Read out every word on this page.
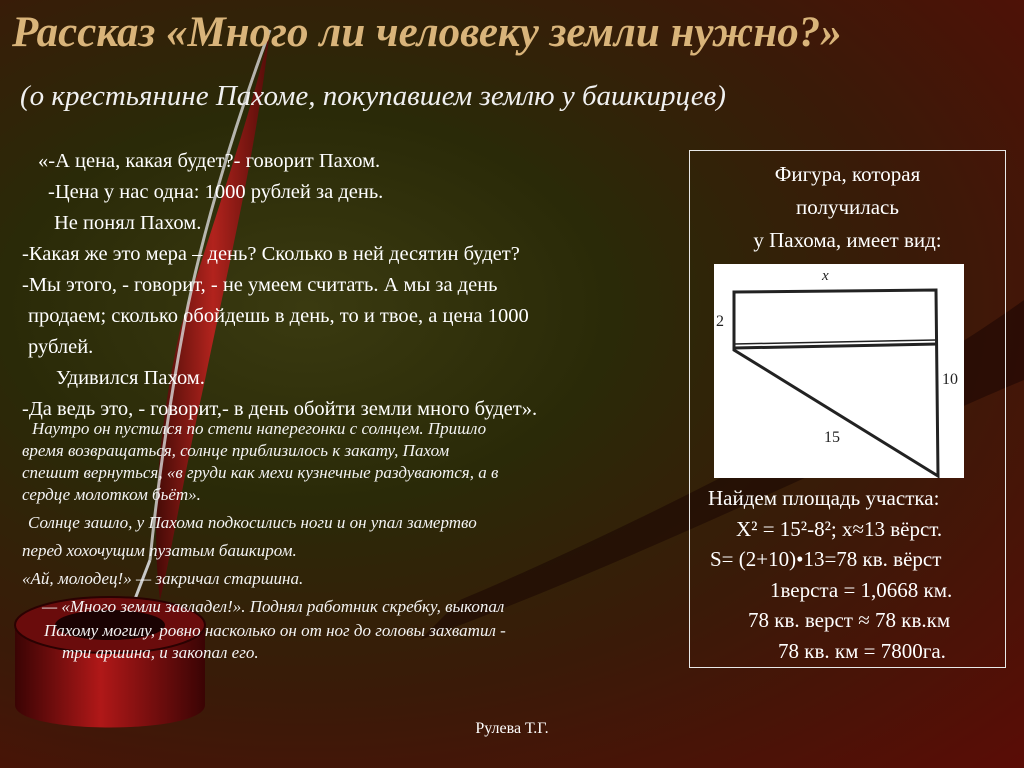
Рассказ «Много ли человеку земли нужно?»
(о крестьянине Пахоме, покупавшем землю у башкирцев)
«-А цена, какая будет?- говорит Пахом.
-Цена у нас одна: 1000 рублей за день.
Не понял Пахом.
-Какая же это мера – день? Сколько в ней десятин будет?
-Мы этого, - говорит, - не умеем считать. А мы за день
продаем; сколько обойдешь в день, то и твое, а цена 1000
рублей.
Удивился Пахом.
-Да ведь это, - говорит,- в день обойти земли много будет».
Наутро он пустился по степи наперегонки с солнцем. Пришло
время возвращаться, солнце приблизилось к закату, Пахом
спешит вернуться, «в груди как мехи кузнечные раздуваются, а в
сердце молотком бьёт».
Солнце зашло, у Пахома подкосились ноги и он упал замертво
перед хохочущим пузатым башкиром.
«Ай, молодец!» — закричал старшина.
— «Много земли завладел!». Поднял работник скребку, выкопал
Пахому могилу, ровно насколько он от ног до головы захватил -
три аршина, и закопал его.
Фигура, которая
получилась
у Пахома, имеет вид:
x
2
10
15
Найдем площадь участка:
X² = 15²-8²; x≈13 вёрст.
S= (2+10)•13=78 кв. вёрст
1верста = 1,0668 км.
78 кв. верст ≈ 78 кв.км
78 кв. км = 7800га.
Рулева Т.Г.
